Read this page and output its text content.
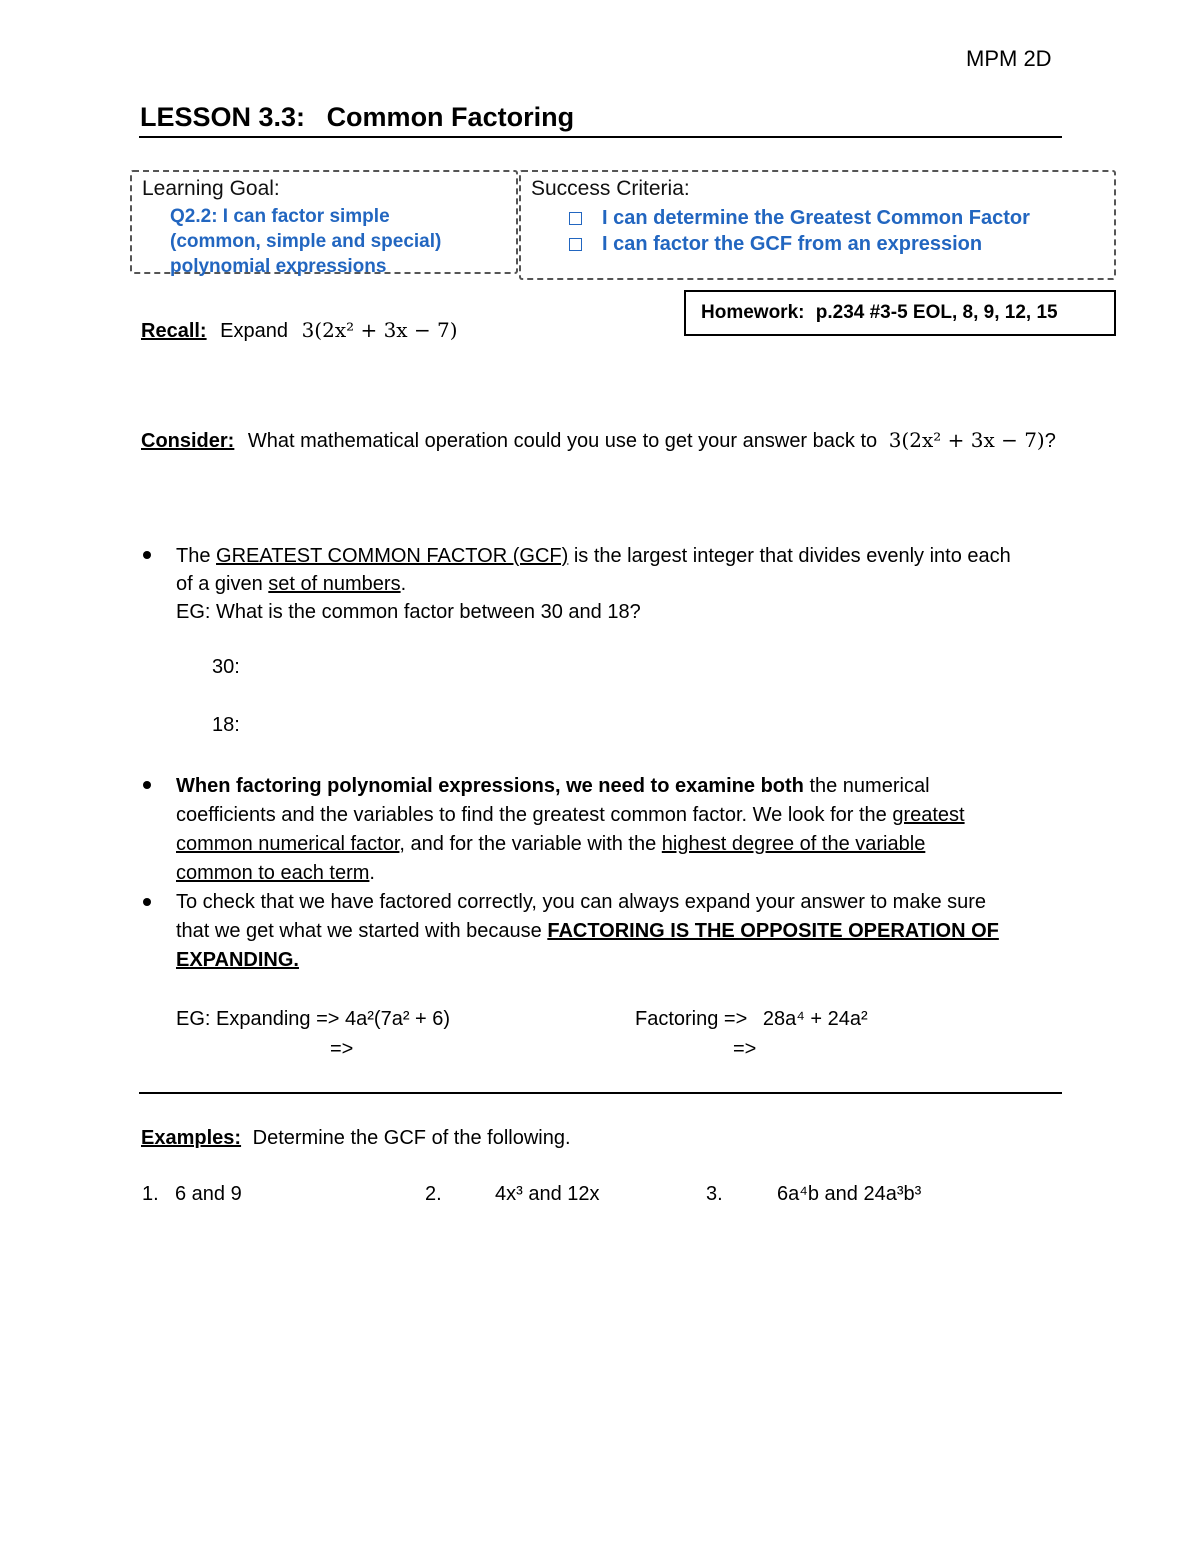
MPM 2D
LESSON 3.3: Common Factoring
Learning Goal:
Q2.2: I can factor simple
(common, simple and special)
polynomial expressions
Success Criteria:
I can determine the Greatest Common Factor
I can factor the GCF from an expression
Homework: p.234 #3-5 EOL, 8, 9, 12, 15
Recall: Expand 3(2x² + 3x − 7)
Consider: What mathematical operation could you use to get your answer back to 3(2x² + 3x − 7)?
The GREATEST COMMON FACTOR (GCF) is the largest integer that divides evenly into each
of a given set of numbers.
EG: What is the common factor between 30 and 18?
30:
18:
When factoring polynomial expressions, we need to examine both the numerical
coefficients and the variables to find the greatest common factor. We look for the greatest
common numerical factor, and for the variable with the highest degree of the variable
common to each term.
To check that we have factored correctly, you can always expand your answer to make sure
that we get what we started with because FACTORING IS THE OPPOSITE OPERATION OF
EXPANDING.
EG: Expanding => 4a²(7a² + 6)
=>
Factoring => 28a⁴ + 24a²
=>
Examples: Determine the GCF of the following.
1. 6 and 9	2.	4x³ and 12x	3.	6a⁴b and 24a³b³
